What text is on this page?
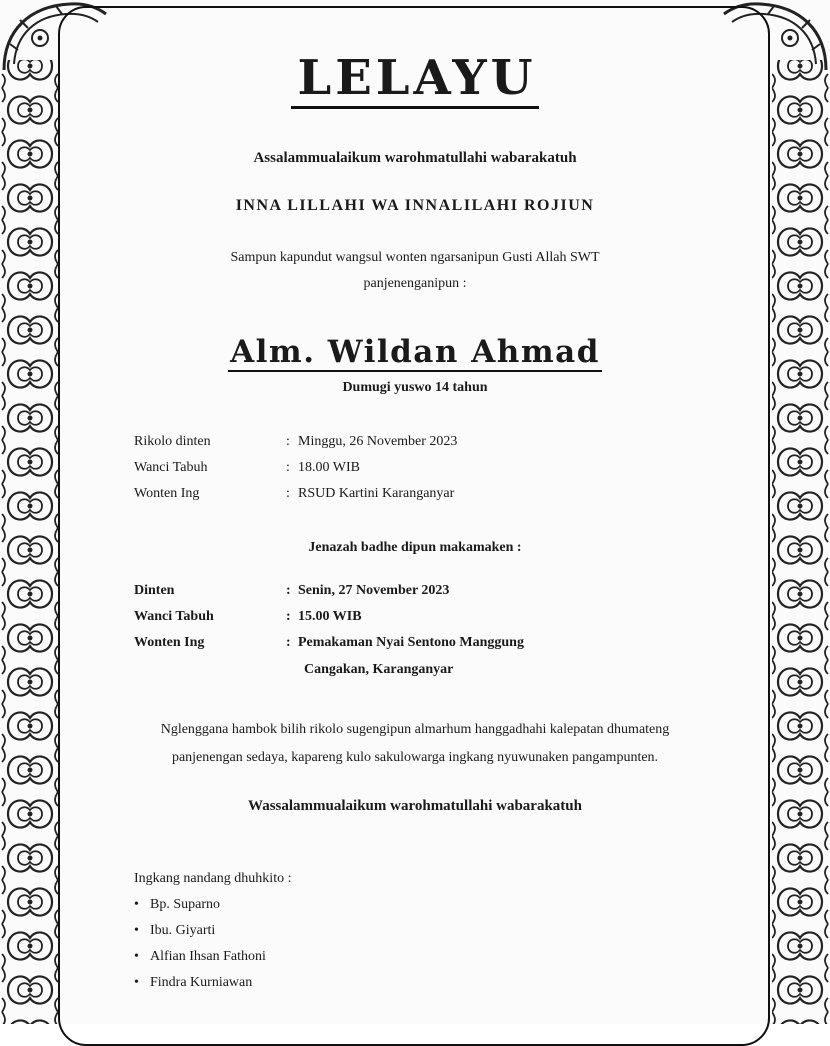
LELAYU
Assalammualaikum warohmatullahi wabarakatuh
INNA LILLAHI WA INNALILAHI ROJIUN
Sampun kapundut wangsul wonten ngarsanipun Gusti Allah SWT
panjenenganipun :
Alm. Wildan Ahmad
Dumugi yuswo 14 tahun
Rikolo dinten	: Minggu, 26 November 2023
Wanci Tabuh	: 18.00 WIB
Wonten Ing	: RSUD Kartini Karanganyar
Jenazah badhe dipun makamaken :
Dinten	: Senin, 27 November 2023
Wanci Tabuh	: 15.00 WIB
Wonten Ing	: Pemakaman Nyai Sentono Manggung
Cangakan, Karanganyar
Nglenggana hambok bilih rikolo sugengipun almarhum hanggadhahi kalepatan dhumateng
panjenengan sedaya, kapareng kulo sakulowarga ingkang nyuwunaken pangampunten.
Wassalammualaikum warohmatullahi wabarakatuh
Ingkang nandang dhuhkito :
• Bp. Suparno
• Ibu. Giyarti
• Alfian Ihsan Fathoni
• Findra Kurniawan
